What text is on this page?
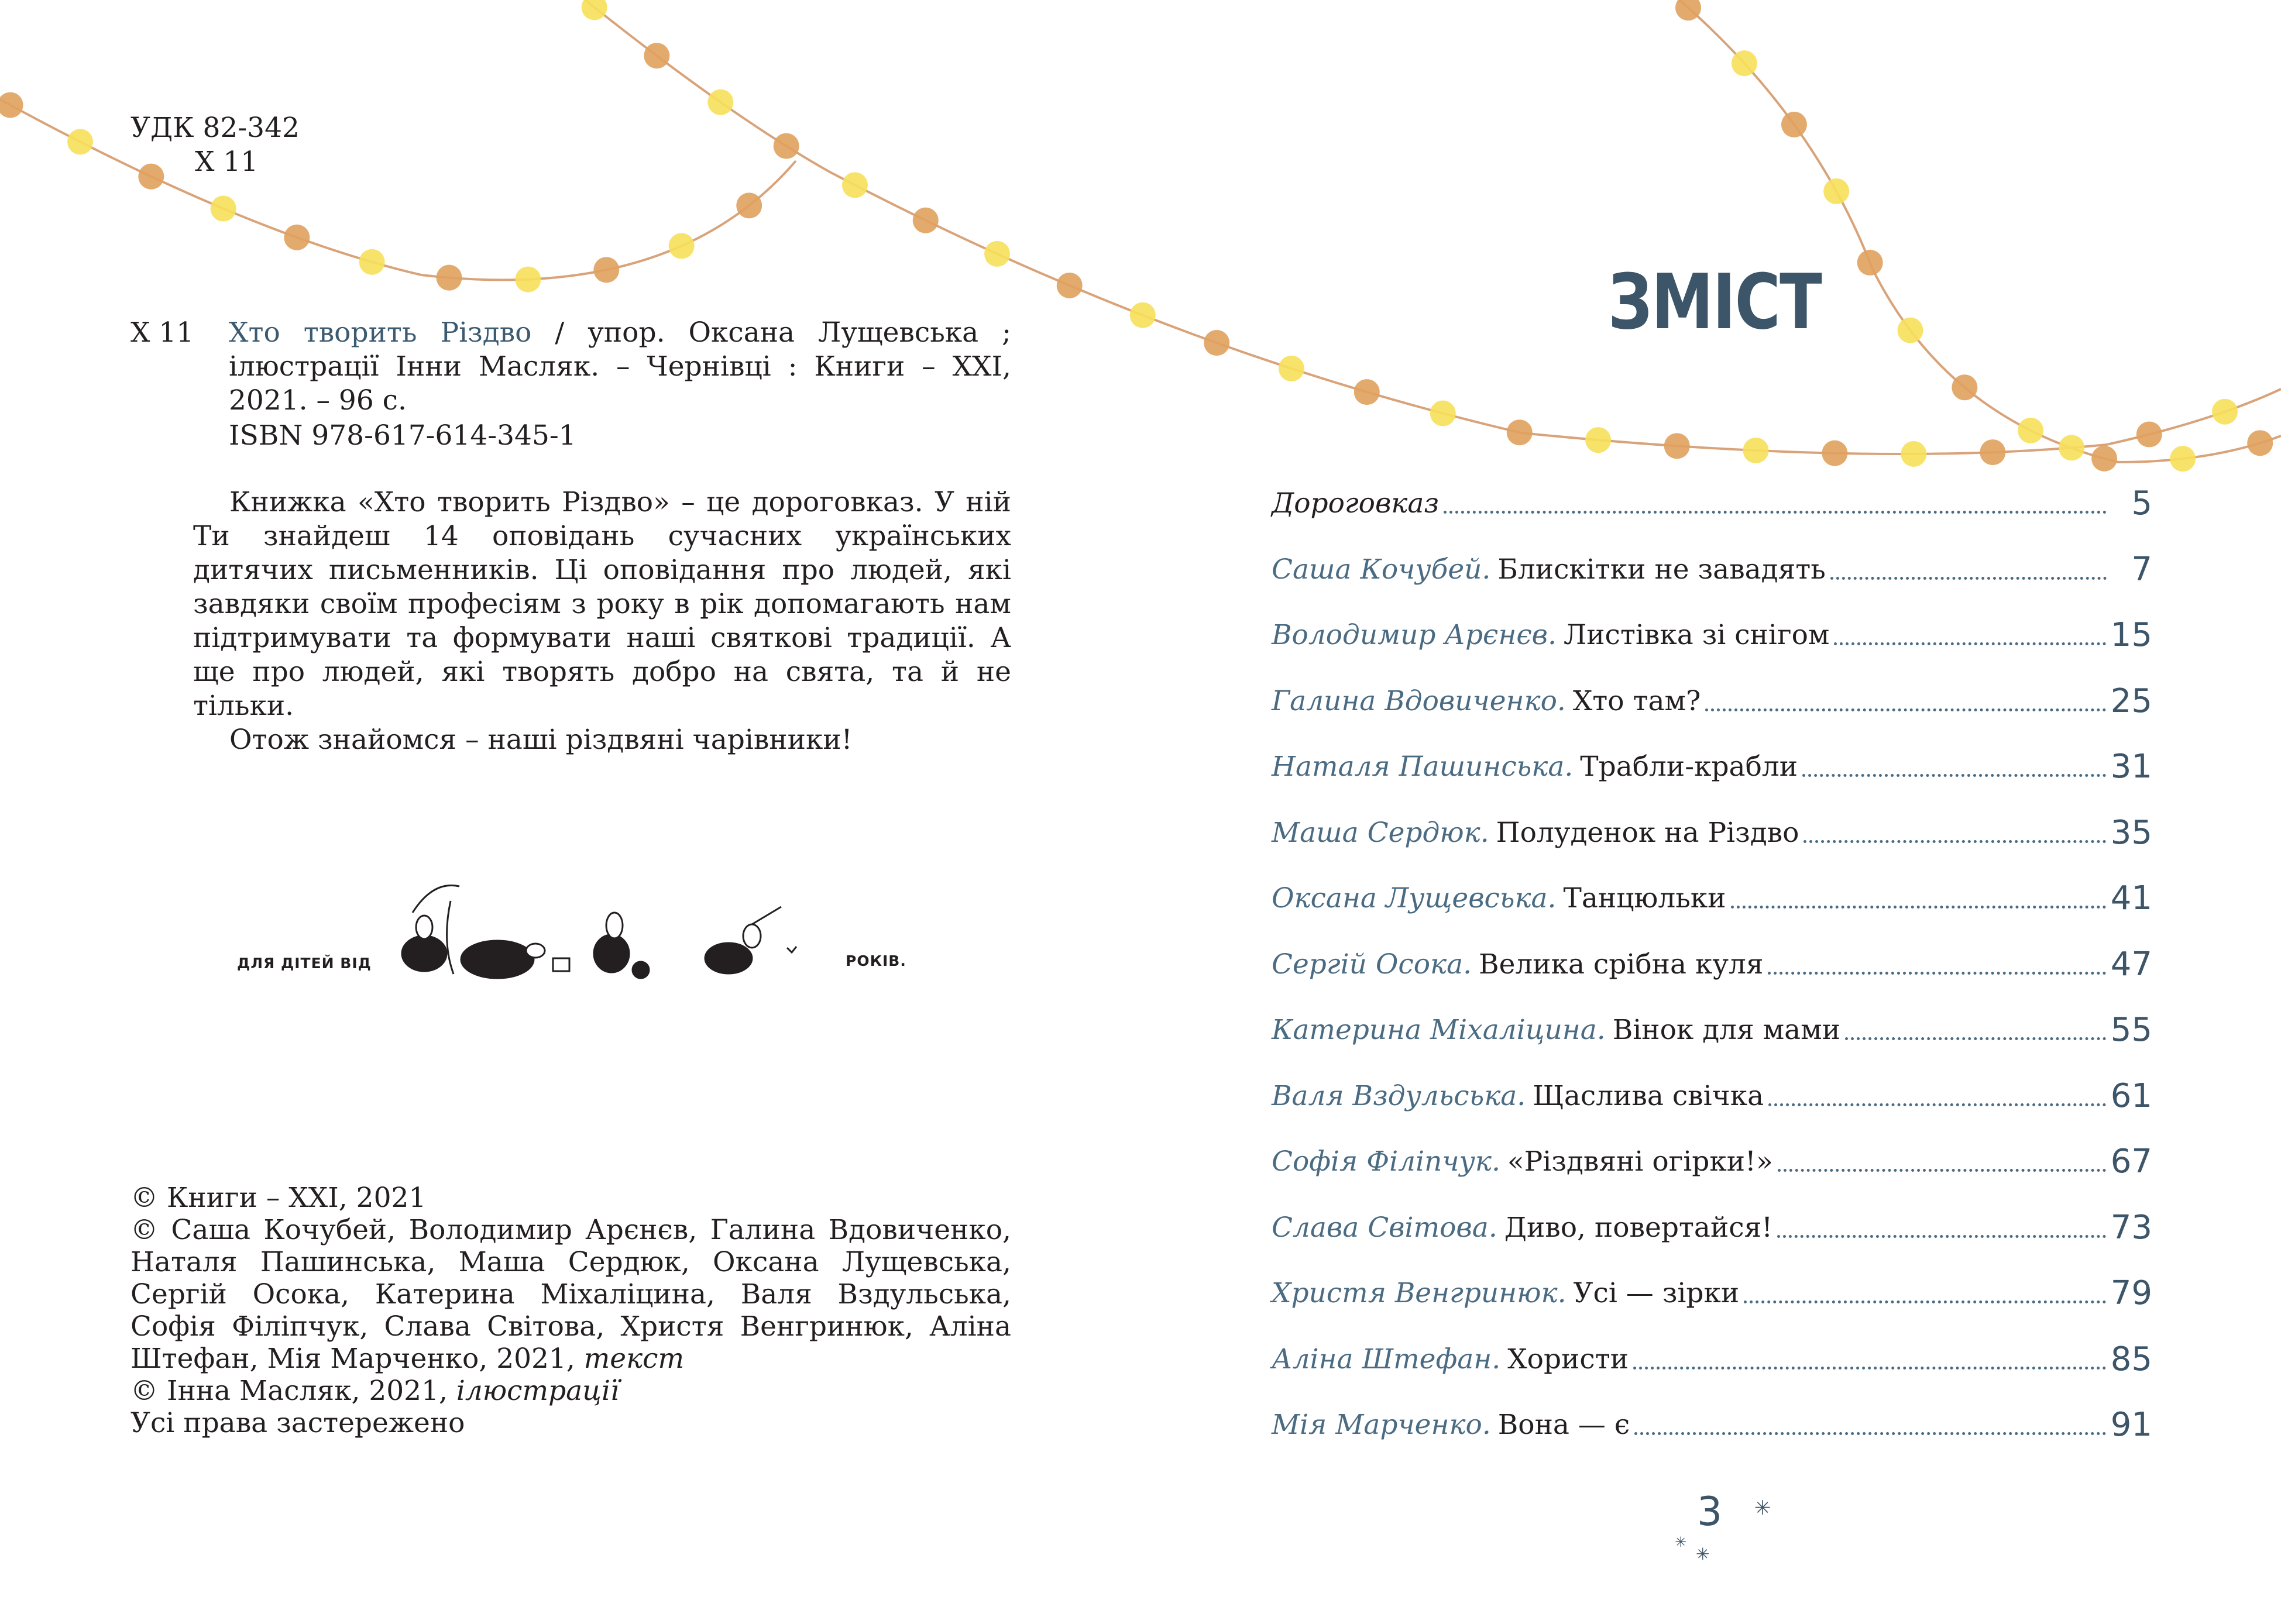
УДК 82-342
Х 11
Х 11 Хто творить Різдво / упор. Оксана Лущевська ; ілюстрації Інни Масляк. – Чернівці : Книги – ХХІ, 2021. – 96 с.
ISBN 978-617-614-345-1

Книжка «Хто творить Різдво» – це дороговказ. У ній Ти знайдеш 14 оповідань сучасних українських дитячих письменників. Ці оповідання про людей, які завдяки своїм професіям з року в рік допомагають нам підтримувати та формувати наші святкові традиції. А ще про людей, які творять добро на свята, та й не тільки.

Отож знайомся – наші різдвяні чарівники!

ДЛЯ ДІТЕЙ ВІД	РОКІВ.
© Книги – ХХІ, 2021
© Саша Кочубей, Володимир Арєнєв, Галина Вдовиченко, Наталя Пашинська, Маша Сердюк, Оксана Лущевська, Сергій Осока, Катерина Міхаліцина, Валя Вздульська, Софія Філіпчук, Слава Світова, Христя Венгринюк, Аліна Штефан, Мія Марченко, 2021, текст
© Інна Масляк, 2021, ілюстрації
Усі права застережено
ЗМІСТ
Дороговказ	5
Саша Кочубей. Блискітки не завадять	7
Володимир Арєнєв. Листівка зі снігом	15
Галина Вдовиченко. Хто там?	25
Наталя Пашинська. Трабли-крабли	31
Маша Сердюк. Полуденок на Різдво	35
Оксана Лущевська. Танцюльки	41
Сергій Осока. Велика срібна куля	47
Катерина Міхаліцина. Вінок для мами	55
Валя Вздульська. Щаслива свічка	61
Софія Філіпчук. «Різдвяні огірки!»	67
Слава Світова. Диво, повертайся!	73
Христя Венгринюк. Усі — зірки	79
Аліна Штефан. Хористи	85
Мія Марченко. Вона — є	91
3 ✳
✳
✳
